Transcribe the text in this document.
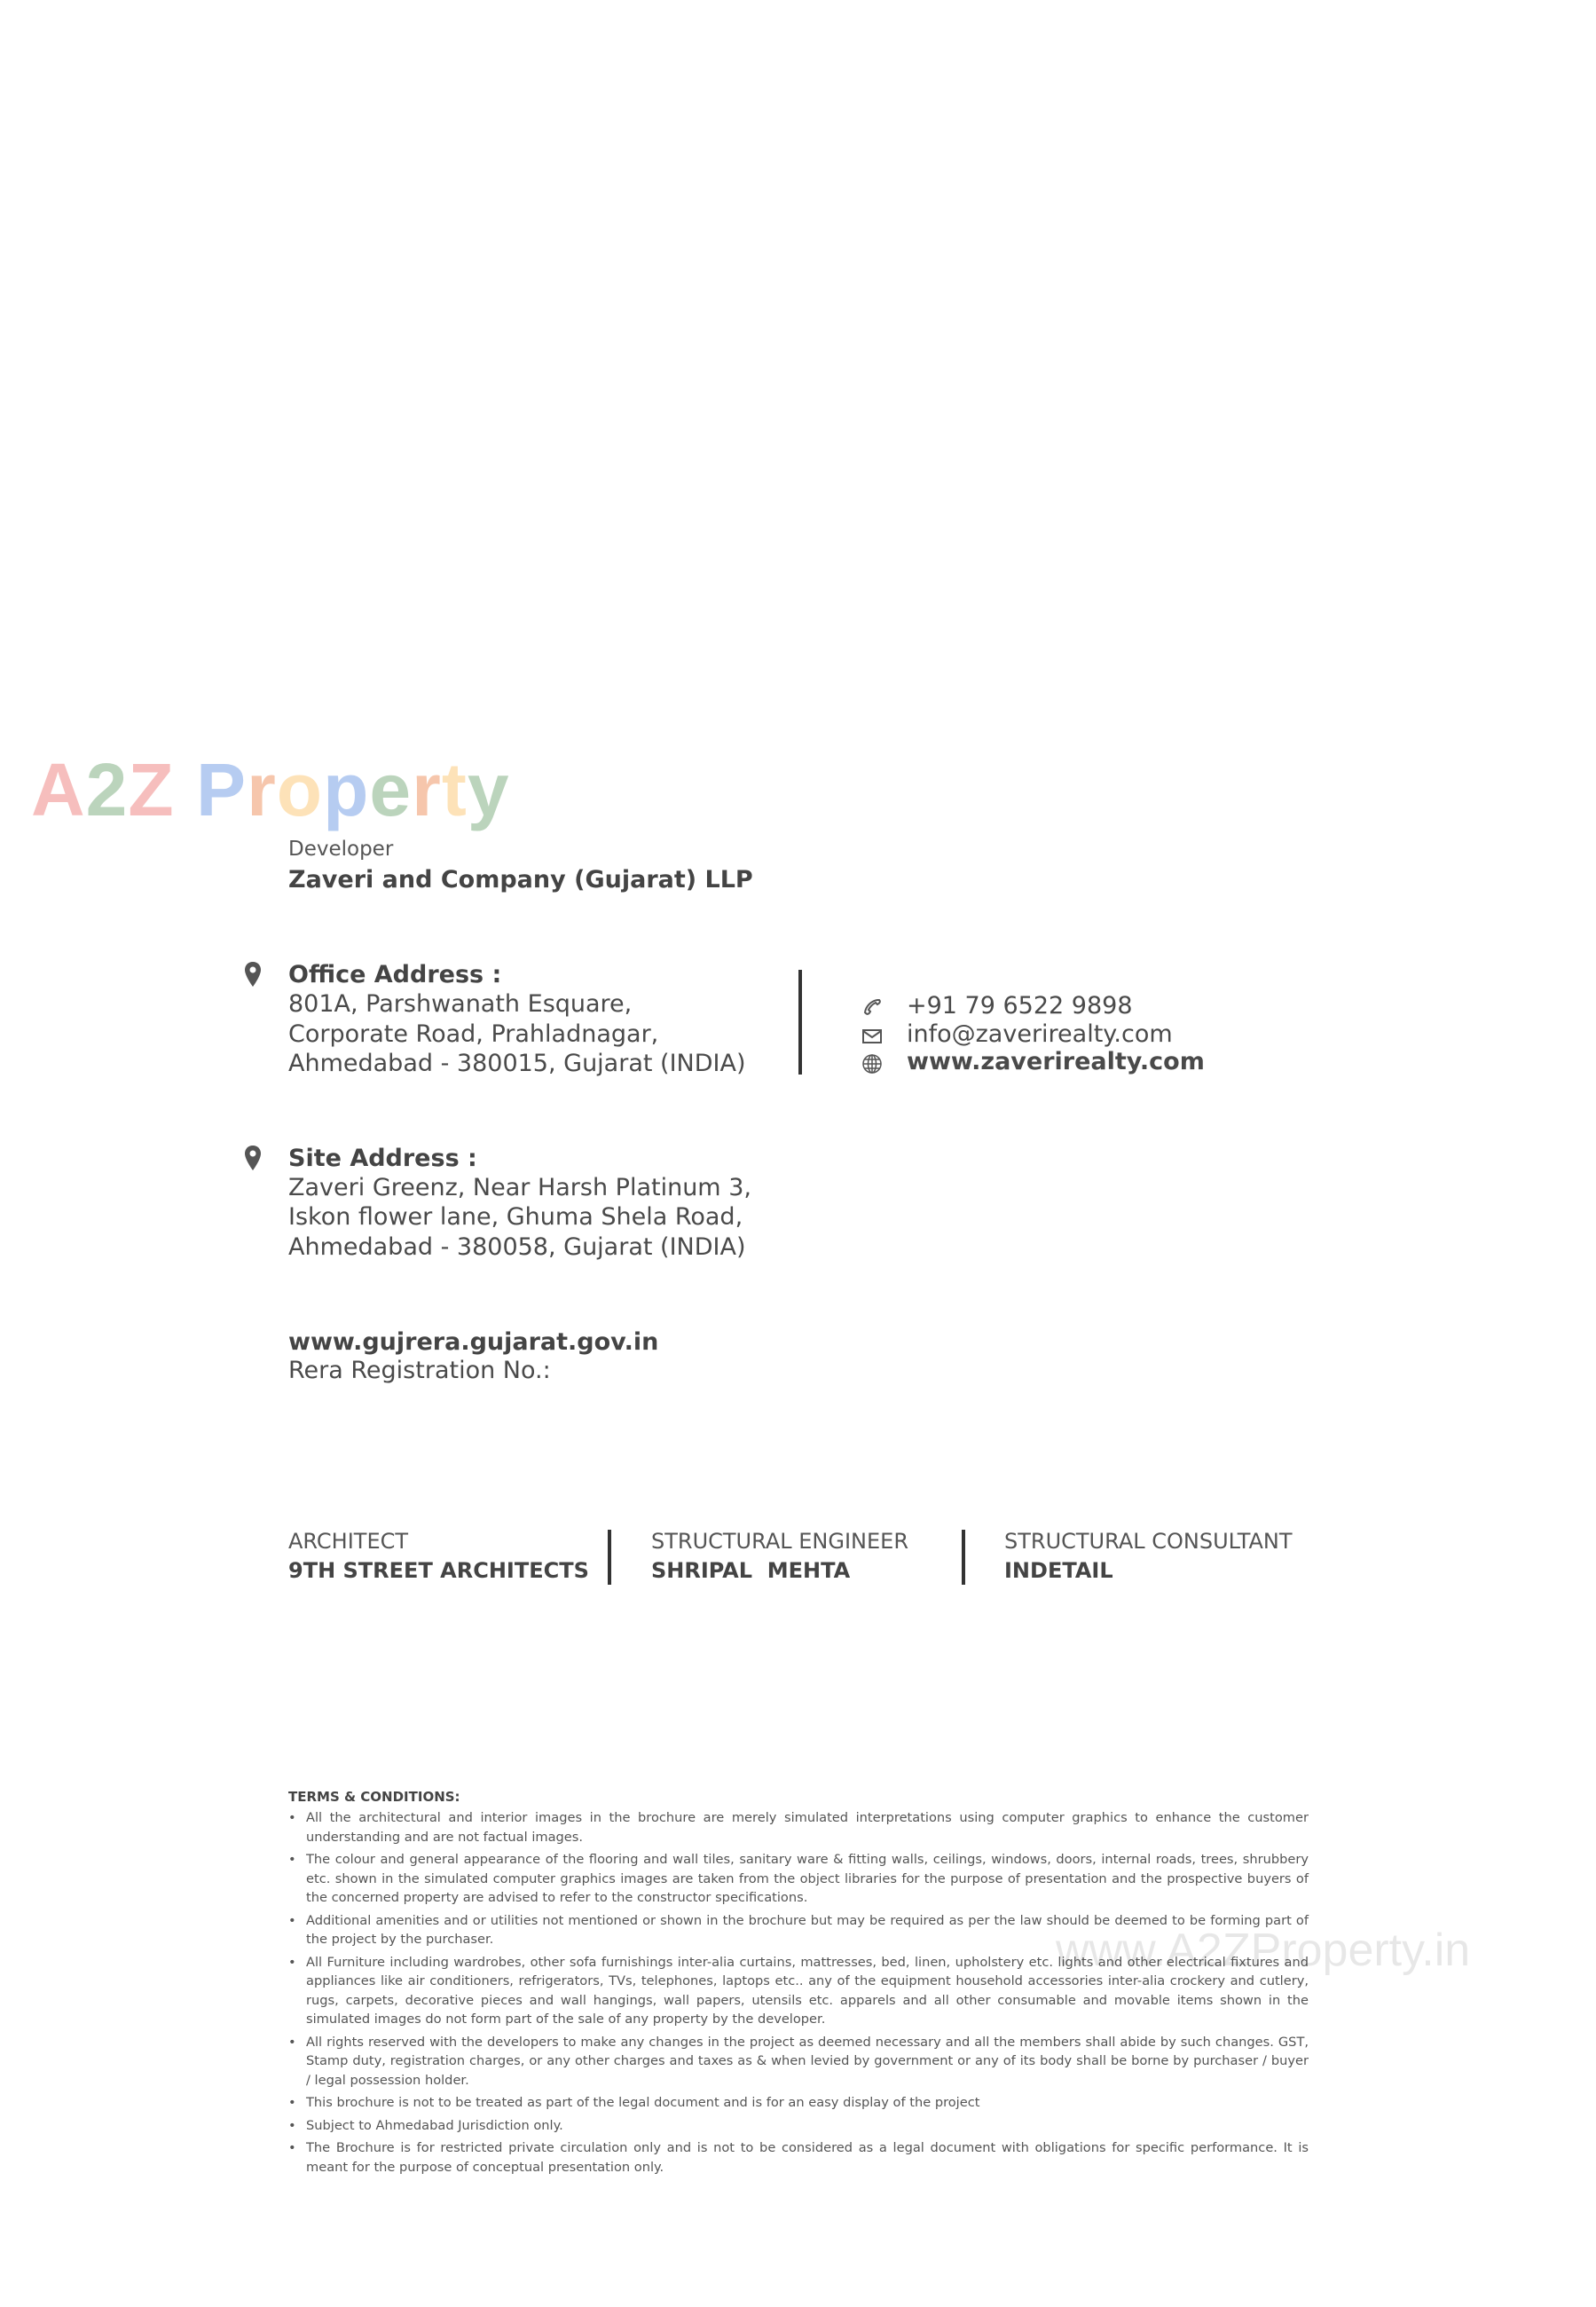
A2Z Property
Developer
Zaveri and Company (Gujarat) LLP
Office Address :
801A, Parshwanath Esquare,
Corporate Road, Prahladnagar,
Ahmedabad - 380015, Gujarat (INDIA)
+91 79 6522 9898
info@zaverirealty.com
www.zaverirealty.com
Site Address :
Zaveri Greenz, Near Harsh Platinum 3,
Iskon flower lane, Ghuma Shela Road,
Ahmedabad - 380058, Gujarat (INDIA)
www.gujrera.gujarat.gov.in
Rera Registration No.:
ARCHITECT
9TH STREET ARCHITECTS
STRUCTURAL ENGINEER
SHRIPAL  MEHTA
STRUCTURAL CONSULTANT
INDETAIL
TERMS & CONDITIONS:
• All the architectural and interior images in the brochure are merely simulated interpretations using computer graphics to enhance the customer understanding and are not factual images.
• The colour and general appearance of the flooring and wall tiles, sanitary ware & fitting walls, ceilings, windows, doors, internal roads, trees, shrubbery etc. shown in the simulated computer graphics images are taken from the object libraries for the purpose of presentation and the prospective buyers of the concerned property are advised to refer to the constructor specifications.
• Additional amenities and or utilities not mentioned or shown in the brochure but may be required as per the law should be deemed to be forming part of the project by the purchaser.
• All Furniture including wardrobes, other sofa furnishings inter-alia curtains, mattresses, bed, linen, upholstery etc. lights and other electrical fixtures and appliances like air conditioners, refrigerators, TVs, telephones, laptops etc.. any of the equipment household accessories inter-alia crockery and cutlery, rugs, carpets, decorative pieces and wall hangings, wall papers, utensils etc. apparels and all other consumable and movable items shown in the simulated images do not form part of the sale of any property by the developer.
• All rights reserved with the developers to make any changes in the project as deemed necessary and all the members shall abide by such changes. GST, Stamp duty, registration charges, or any other charges and taxes as & when levied by government or any of its body shall be borne by purchaser / buyer / legal possession holder.
• This brochure is not to be treated as part of the legal document and is for an easy display of the project
• Subject to Ahmedabad Jurisdiction only.
• The Brochure is for restricted private circulation only and is not to be considered as a legal document with obligations for specific performance. It is meant for the purpose of conceptual presentation only.
www.A2ZProperty.in
